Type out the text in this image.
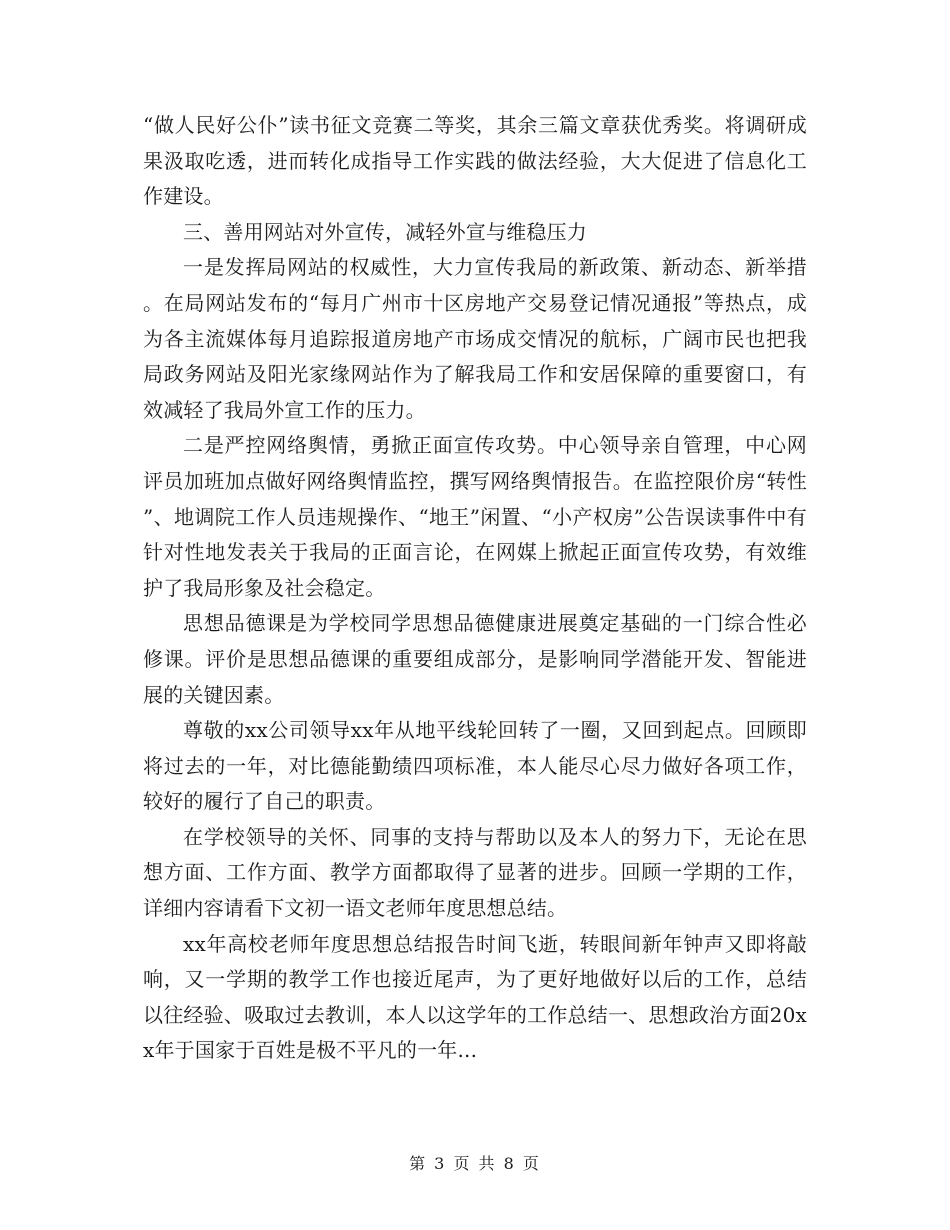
“做人民好公仆”读书征文竞赛二等奖，其余三篇文章获优秀奖。将调研成果汲取吃透，进而转化成指导工作实践的做法经验，大大促进了信息化工作建设。

三、善用网站对外宣传，减轻外宣与维稳压力

一是发挥局网站的权威性，大力宣传我局的新政策、新动态、新举措。在局网站发布的“每月广州市十区房地产交易登记情况通报”等热点，成为各主流媒体每月追踪报道房地产市场成交情况的航标，广阔市民也把我局政务网站及阳光家缘网站作为了解我局工作和安居保障的重要窗口，有效减轻了我局外宣工作的压力。

二是严控网络舆情，勇掀正面宣传攻势。中心领导亲自管理，中心网评员加班加点做好网络舆情监控，撰写网络舆情报告。在监控限价房“转性”、地调院工作人员违规操作、“地王”闲置、“小产权房”公告误读事件中有针对性地发表关于我局的正面言论，在网媒上掀起正面宣传攻势，有效维护了我局形象及社会稳定。

思想品德课是为学校同学思想品德健康进展奠定基础的一门综合性必修课。评价是思想品德课的重要组成部分，是影响同学潜能开发、智能进展的关键因素。

尊敬的xx公司领导xx年从地平线轮回转了一圈，又回到起点。回顾即将过去的一年，对比德能勤绩四项标准，本人能尽心尽力做好各项工作，较好的履行了自己的职责。

在学校领导的关怀、同事的支持与帮助以及本人的努力下，无论在思想方面、工作方面、教学方面都取得了显著的进步。回顾一学期的工作，详细内容请看下文初一语文老师年度思想总结。

xx年高校老师年度思想总结报告时间飞逝，转眼间新年钟声又即将敲响，又一学期的教学工作也接近尾声，为了更好地做好以后的工作，总结以往经验、吸取过去教训，本人以这学年的工作总结一、思想政治方面20xx年于国家于百姓是极不平凡的一年...

第 3 页 共 8 页
